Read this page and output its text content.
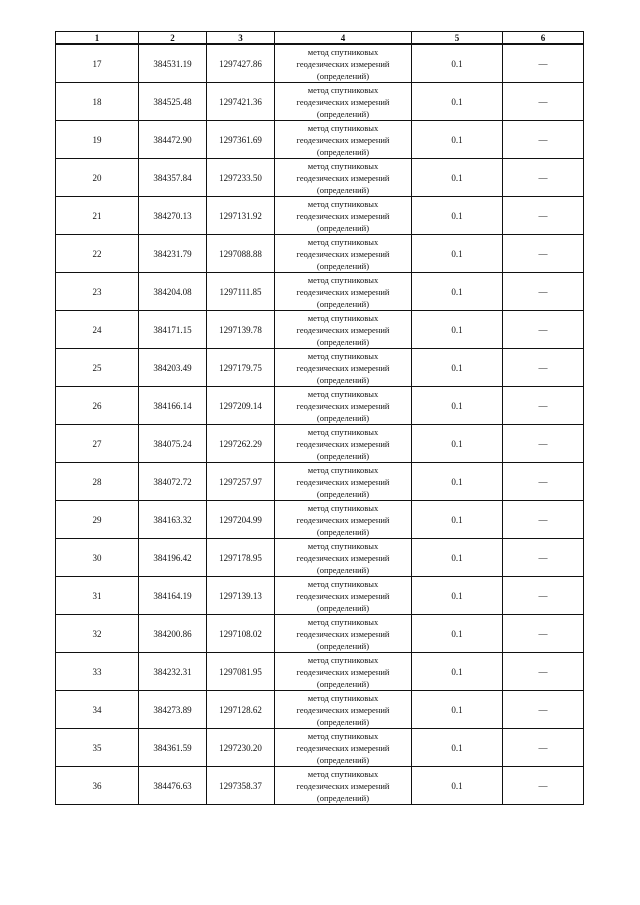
1	2	3	4	5	6
17	384531.19	1297427.86	метод спутниковых
геодезических измерений
(определений)	0.1	—
18	384525.48	1297421.36	метод спутниковых
геодезических измерений
(определений)	0.1	—
19	384472.90	1297361.69	метод спутниковых
геодезических измерений
(определений)	0.1	—
20	384357.84	1297233.50	метод спутниковых
геодезических измерений
(определений)	0.1	—
21	384270.13	1297131.92	метод спутниковых
геодезических измерений
(определений)	0.1	—
22	384231.79	1297088.88	метод спутниковых
геодезических измерений
(определений)	0.1	—
23	384204.08	1297111.85	метод спутниковых
геодезических измерений
(определений)	0.1	—
24	384171.15	1297139.78	метод спутниковых
геодезических измерений
(определений)	0.1	—
25	384203.49	1297179.75	метод спутниковых
геодезических измерений
(определений)	0.1	—
26	384166.14	1297209.14	метод спутниковых
геодезических измерений
(определений)	0.1	—
27	384075.24	1297262.29	метод спутниковых
геодезических измерений
(определений)	0.1	—
28	384072.72	1297257.97	метод спутниковых
геодезических измерений
(определений)	0.1	—
29	384163.32	1297204.99	метод спутниковых
геодезических измерений
(определений)	0.1	—
30	384196.42	1297178.95	метод спутниковых
геодезических измерений
(определений)	0.1	—
31	384164.19	1297139.13	метод спутниковых
геодезических измерений
(определений)	0.1	—
32	384200.86	1297108.02	метод спутниковых
геодезических измерений
(определений)	0.1	—
33	384232.31	1297081.95	метод спутниковых
геодезических измерений
(определений)	0.1	—
34	384273.89	1297128.62	метод спутниковых
геодезических измерений
(определений)	0.1	—
35	384361.59	1297230.20	метод спутниковых
геодезических измерений
(определений)	0.1	—
36	384476.63	1297358.37	метод спутниковых
геодезических измерений
(определений)	0.1	—
